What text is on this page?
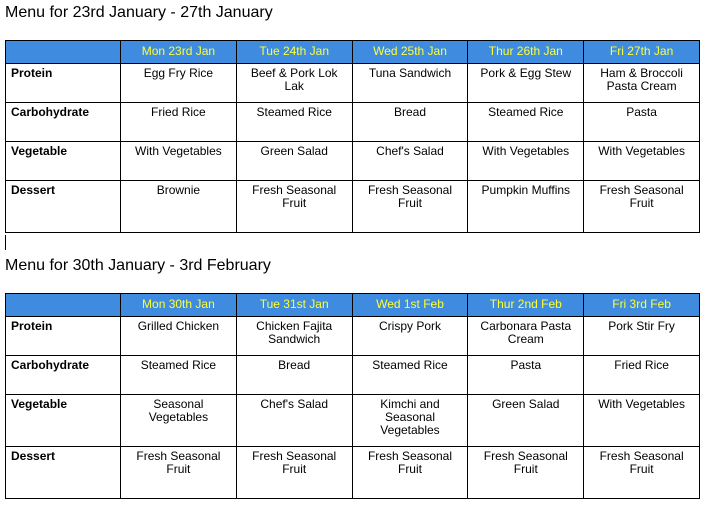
Menu for 23rd January - 27th January
	Mon 23rd Jan	Tue 24th Jan	Wed 25th Jan	Thur 26th Jan	Fri 27th Jan
Protein	Egg Fry Rice	Beef & Pork Lok Lak	Tuna Sandwich	Pork & Egg Stew	Ham & Broccoli Pasta Cream
Carbohydrate	Fried Rice	Steamed Rice	Bread	Steamed Rice	Pasta
Vegetable	With Vegetables	Green Salad	Chef's Salad	With Vegetables	With Vegetables
Dessert	Brownie	Fresh Seasonal Fruit	Fresh Seasonal Fruit	Pumpkin Muffins	Fresh Seasonal Fruit
Menu for 30th January - 3rd February
	Mon 30th Jan	Tue 31st Jan	Wed 1st Feb	Thur 2nd Feb	Fri 3rd Feb
Protein	Grilled Chicken	Chicken Fajita Sandwich	Crispy Pork	Carbonara Pasta Cream	Pork Stir Fry
Carbohydrate	Steamed Rice	Bread	Steamed Rice	Pasta	Fried Rice
Vegetable	Seasonal Vegetables	Chef's Salad	Kimchi and Seasonal Vegetables	Green Salad	With Vegetables
Dessert	Fresh Seasonal Fruit	Fresh Seasonal Fruit	Fresh Seasonal Fruit	Fresh Seasonal Fruit	Fresh Seasonal Fruit
